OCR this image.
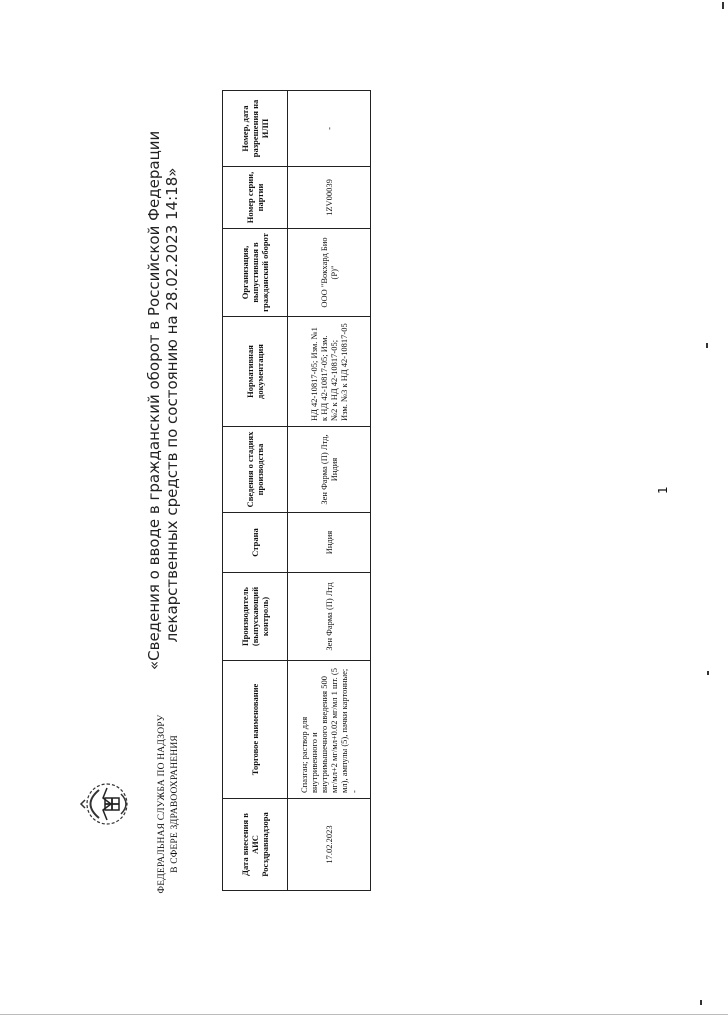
ФЕДЕРАЛЬНАЯ СЛУЖБА ПО НАДЗОРУ В СФЕРЕ ЗДРАВООХРАНЕНИЯ
«Сведения о вводе в гражданский оборот в Российской Федерации лекарственных средств по состоянию на 28.02.2023 14:18»
Дата внесения в АИС Росздравнадзора	Торговое наименование	Производитель (выпускающий контроль)	Страна	Сведения о стадиях производства	Нормативная документация	Организация, выпустившая в гражданский оборот	Номер серии, партии	Номер, дата разрешения на ИЛП
17.02.2023	Спазган; раствор для внутривенного и внутримышечного введения 500 мг/мл+2 мг/мл+0.02 мг/мл 1 шт. (5 мл), ампулы (5), пачки картонные; -	Зен Фарма (П) Лтд	Индия	Зен Фарма (П) Лтд, Индия	НД 42-10817-05; Изм. №1 к НД 42-10817-05; Изм. №2 к НД 42-10817-05; Изм. №3 к НД 42-10817-05	ООО "Вокхард Био (Р)"	1ZV00039	-
1
